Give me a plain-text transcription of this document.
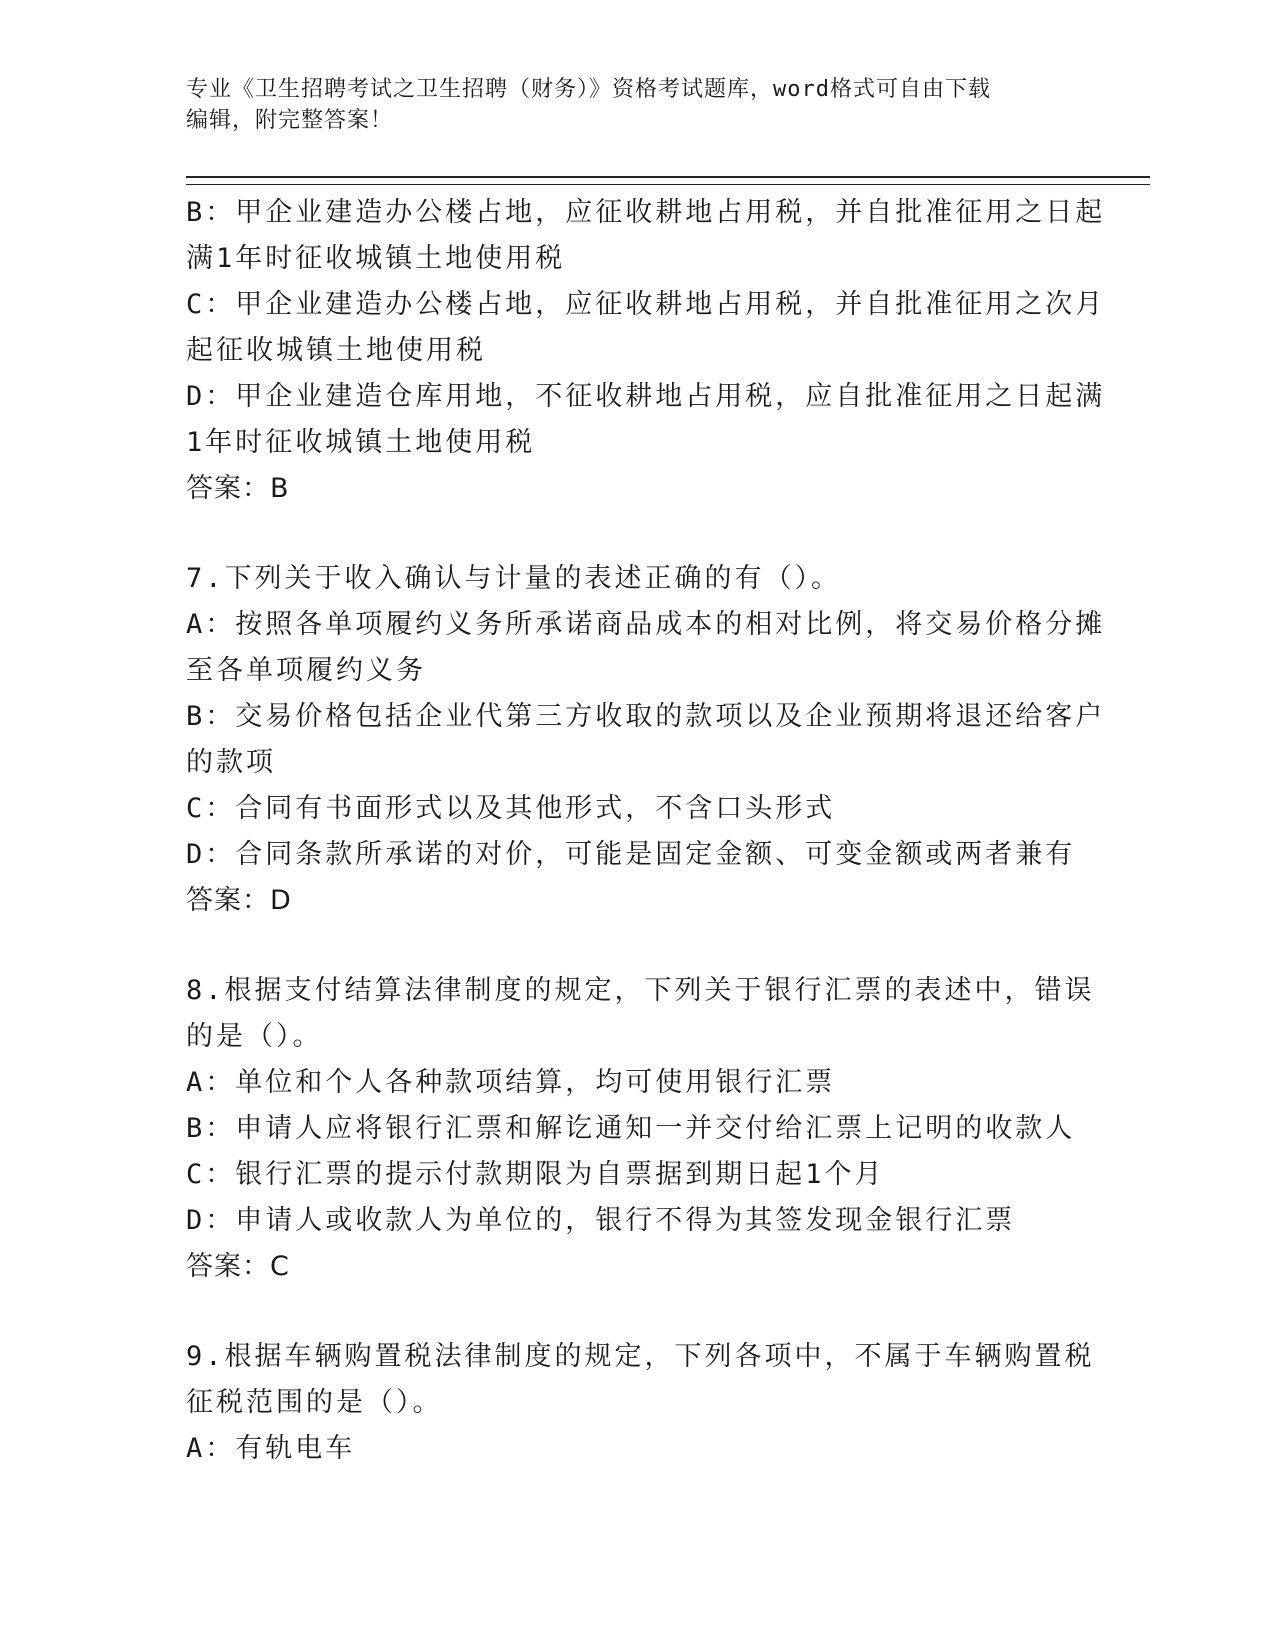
专业《卫生招聘考试之卫生招聘（财务）》资格考试题库，word格式可自由下载
编辑，附完整答案！
B：甲企业建造办公楼占地，应征收耕地占用税，并自批准征用之日起
满1年时征收城镇土地使用税
C：甲企业建造办公楼占地，应征收耕地占用税，并自批准征用之次月
起征收城镇土地使用税
D：甲企业建造仓库用地，不征收耕地占用税，应自批准征用之日起满
1年时征收城镇土地使用税
答案：B
7.下列关于收入确认与计量的表述正确的有（）。
A：按照各单项履约义务所承诺商品成本的相对比例，将交易价格分摊
至各单项履约义务
B：交易价格包括企业代第三方收取的款项以及企业预期将退还给客户
的款项
C：合同有书面形式以及其他形式，不含口头形式
D：合同条款所承诺的对价，可能是固定金额、可变金额或两者兼有
答案：D
8.根据支付结算法律制度的规定，下列关于银行汇票的表述中，错误
的是（）。
A：单位和个人各种款项结算，均可使用银行汇票
B：申请人应将银行汇票和解讫通知一并交付给汇票上记明的收款人
C：银行汇票的提示付款期限为自票据到期日起1个月
D：申请人或收款人为单位的，银行不得为其签发现金银行汇票
答案：C
9.根据车辆购置税法律制度的规定，下列各项中，不属于车辆购置税
征税范围的是（）。
A：有轨电车
